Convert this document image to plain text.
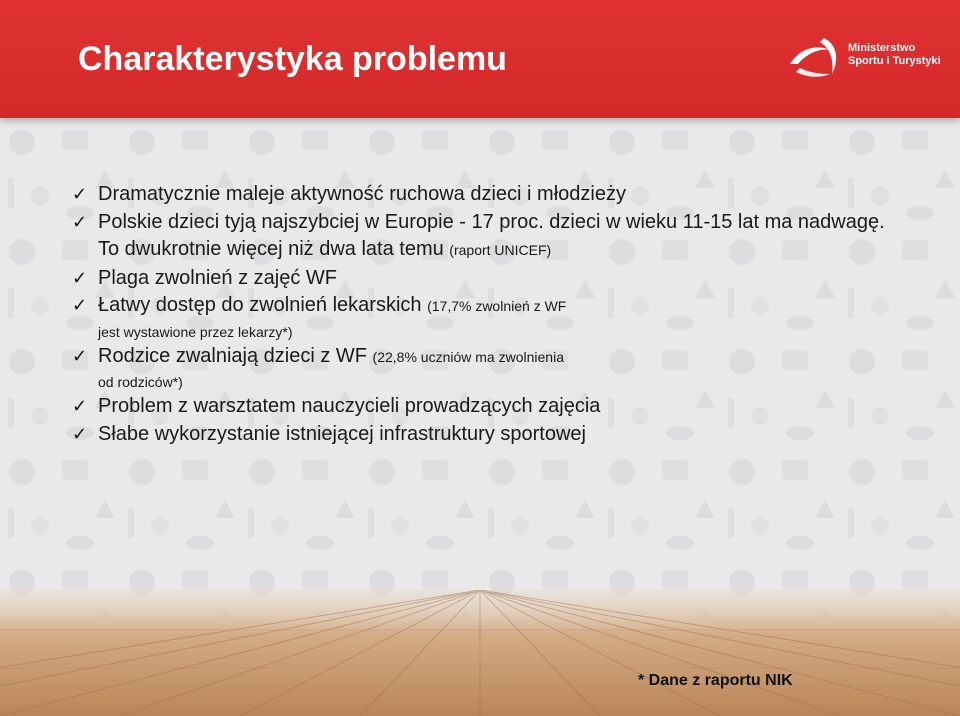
Charakterystyka problemu	Ministerstwo
Sportu i Turystyki
✓ Dramatycznie maleje aktywność ruchowa dzieci i młodzieży
✓ Polskie dzieci tyją najszybciej w Europie - 17 proc. dzieci w wieku 11-15 lat ma nadwagę. To dwukrotnie więcej niż dwa lata temu (raport UNICEF)
✓ Plaga zwolnień z zajęć WF
✓ Łatwy dostęp do zwolnień lekarskich (17,7% zwolnień z WF
jest wystawione przez lekarzy*)
✓ Rodzice zwalniają dzieci z WF (22,8% uczniów ma zwolnienia
od rodziców*)
✓ Problem z warsztatem nauczycieli prowadzących zajęcia
✓ Słabe wykorzystanie istniejącej infrastruktury sportowej
* Dane z raportu NIK
